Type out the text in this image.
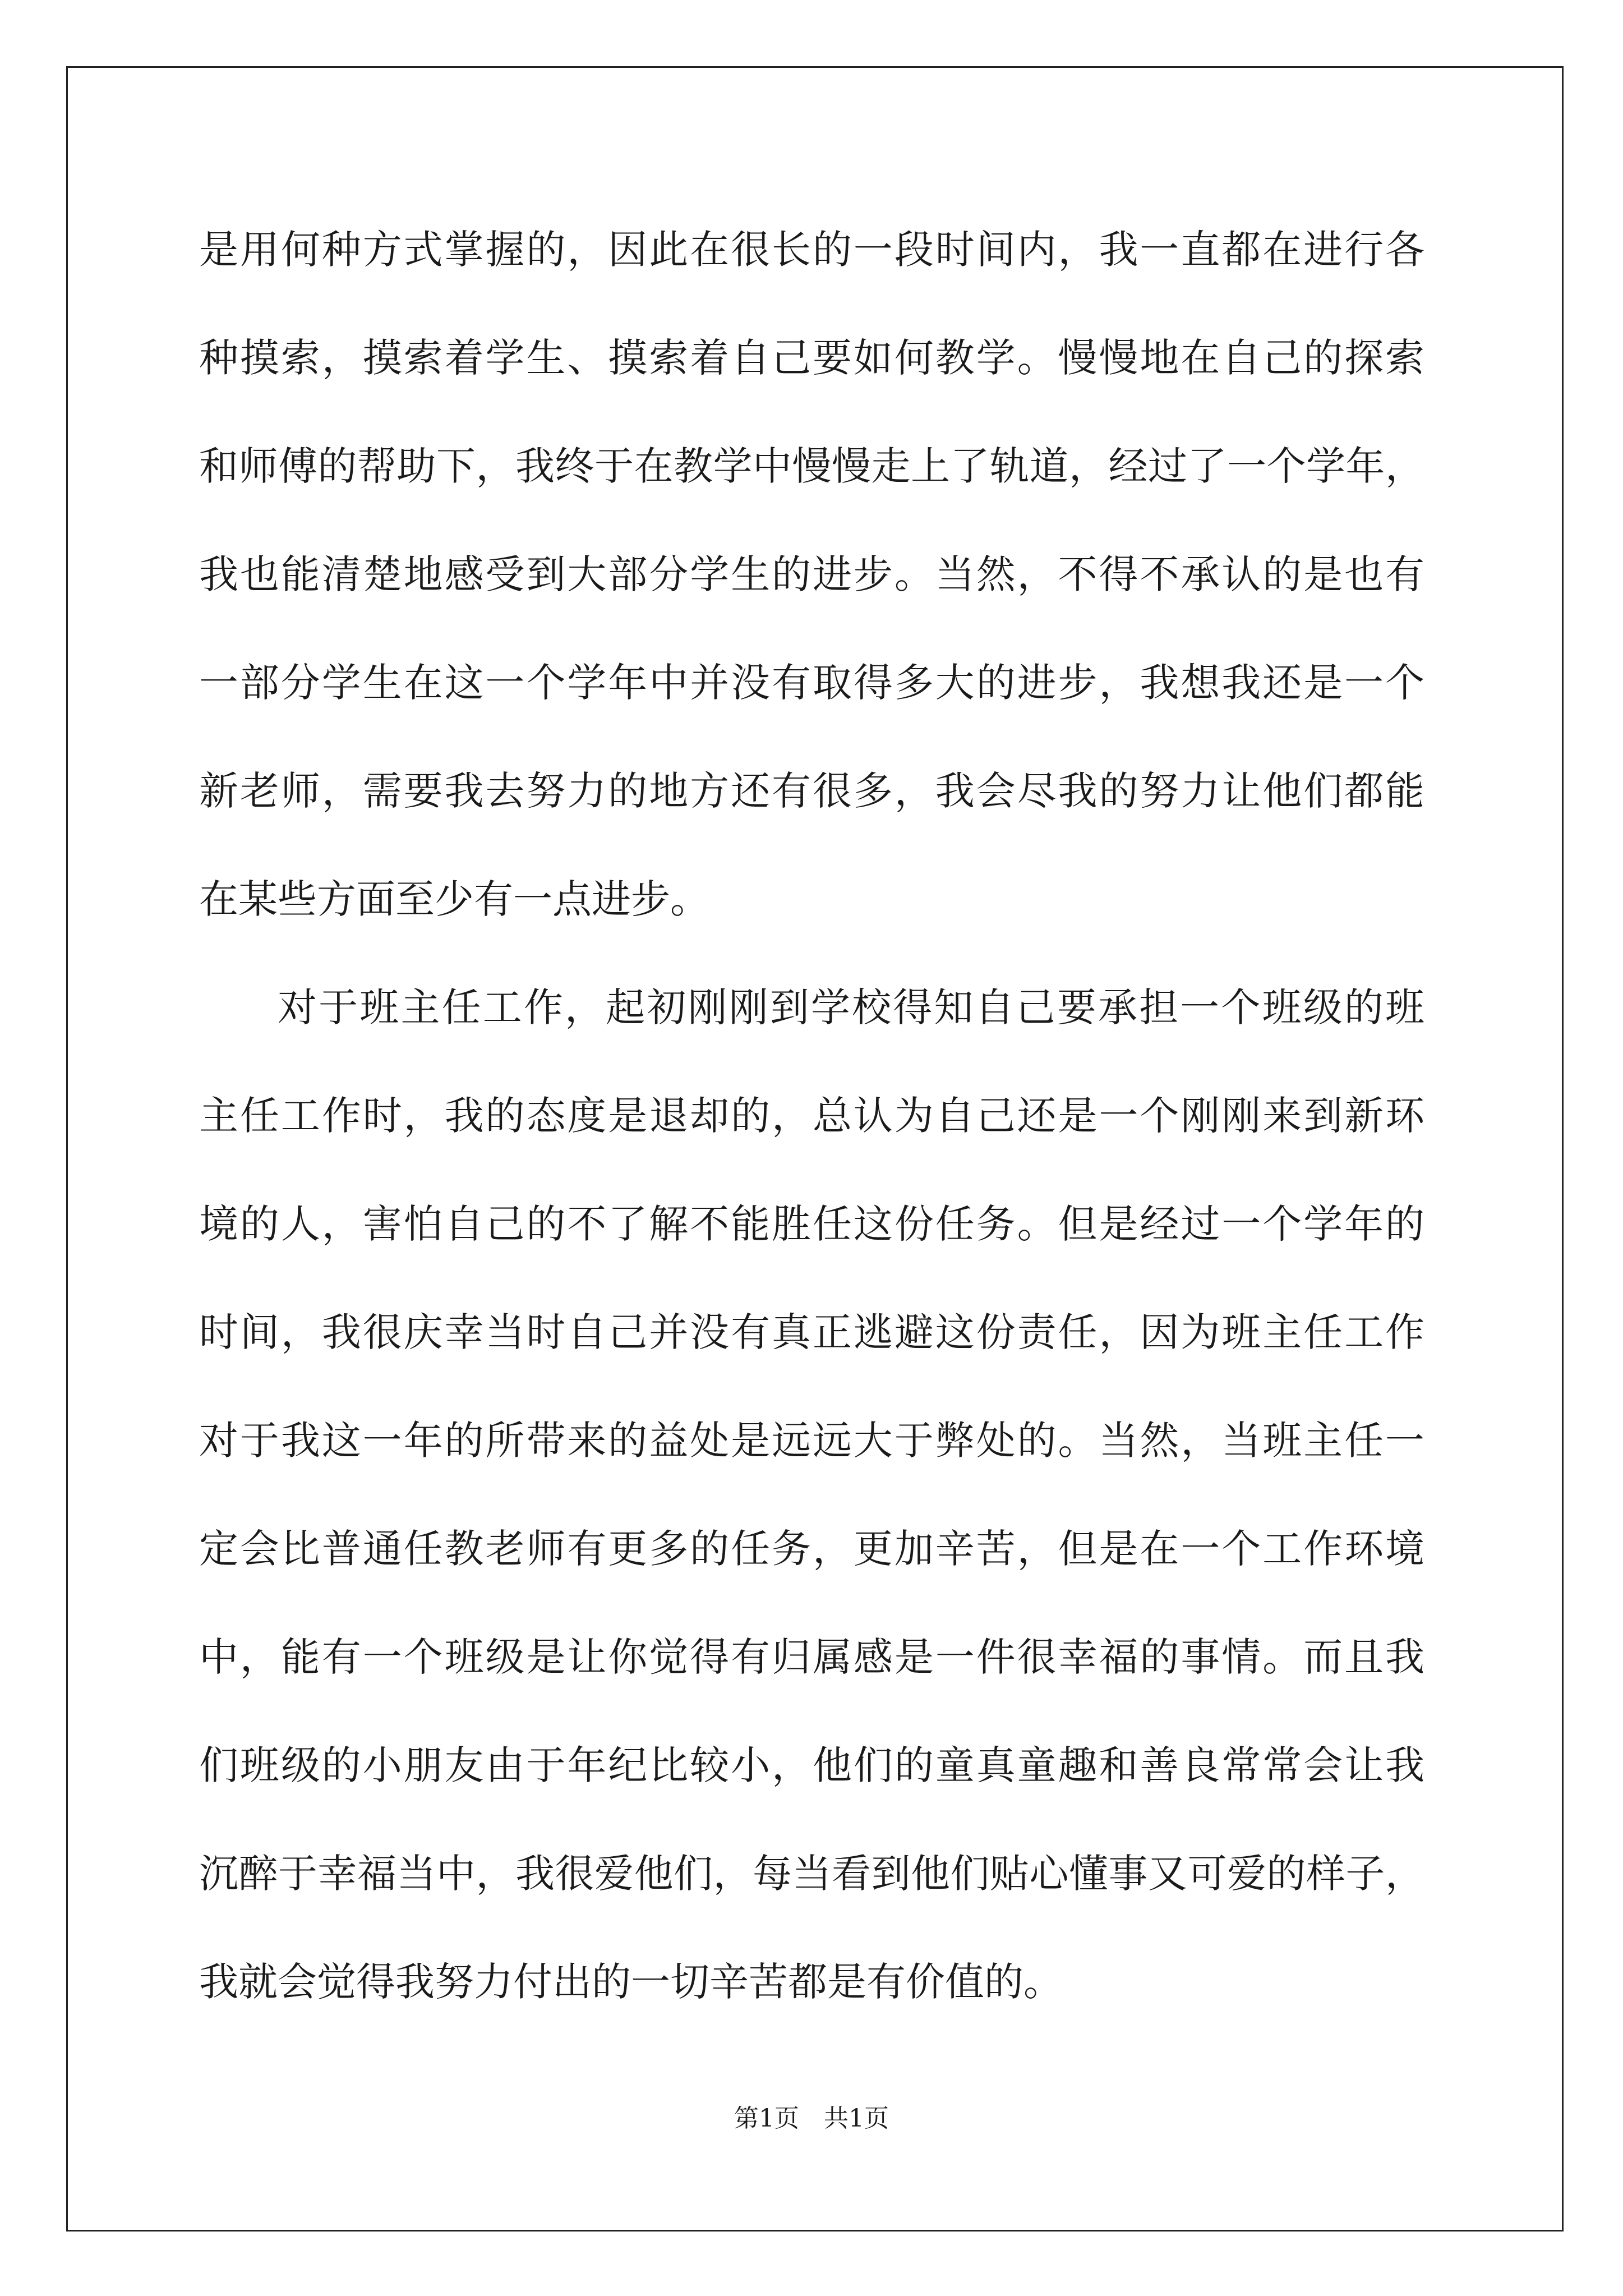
是用何种方式掌握的，因此在很长的一段时间内，我一直都在进行各
种摸索，摸索着学生、摸索着自己要如何教学。慢慢地在自己的探索
和师傅的帮助下，我终于在教学中慢慢走上了轨道，经过了一个学年，
我也能清楚地感受到大部分学生的进步。当然，不得不承认的是也有
一部分学生在这一个学年中并没有取得多大的进步，我想我还是一个
新老师，需要我去努力的地方还有很多，我会尽我的努力让他们都能
在某些方面至少有一点进步。
对于班主任工作，起初刚刚到学校得知自己要承担一个班级的班
主任工作时，我的态度是退却的，总认为自己还是一个刚刚来到新环
境的人，害怕自己的不了解不能胜任这份任务。但是经过一个学年的
时间，我很庆幸当时自己并没有真正逃避这份责任，因为班主任工作
对于我这一年的所带来的益处是远远大于弊处的。当然，当班主任一
定会比普通任教老师有更多的任务，更加辛苦，但是在一个工作环境
中，能有一个班级是让你觉得有归属感是一件很幸福的事情。而且我
们班级的小朋友由于年纪比较小，他们的童真童趣和善良常常会让我
沉醉于幸福当中，我很爱他们，每当看到他们贴心懂事又可爱的样子，
我就会觉得我努力付出的一切辛苦都是有价值的。
第1页　共1页
